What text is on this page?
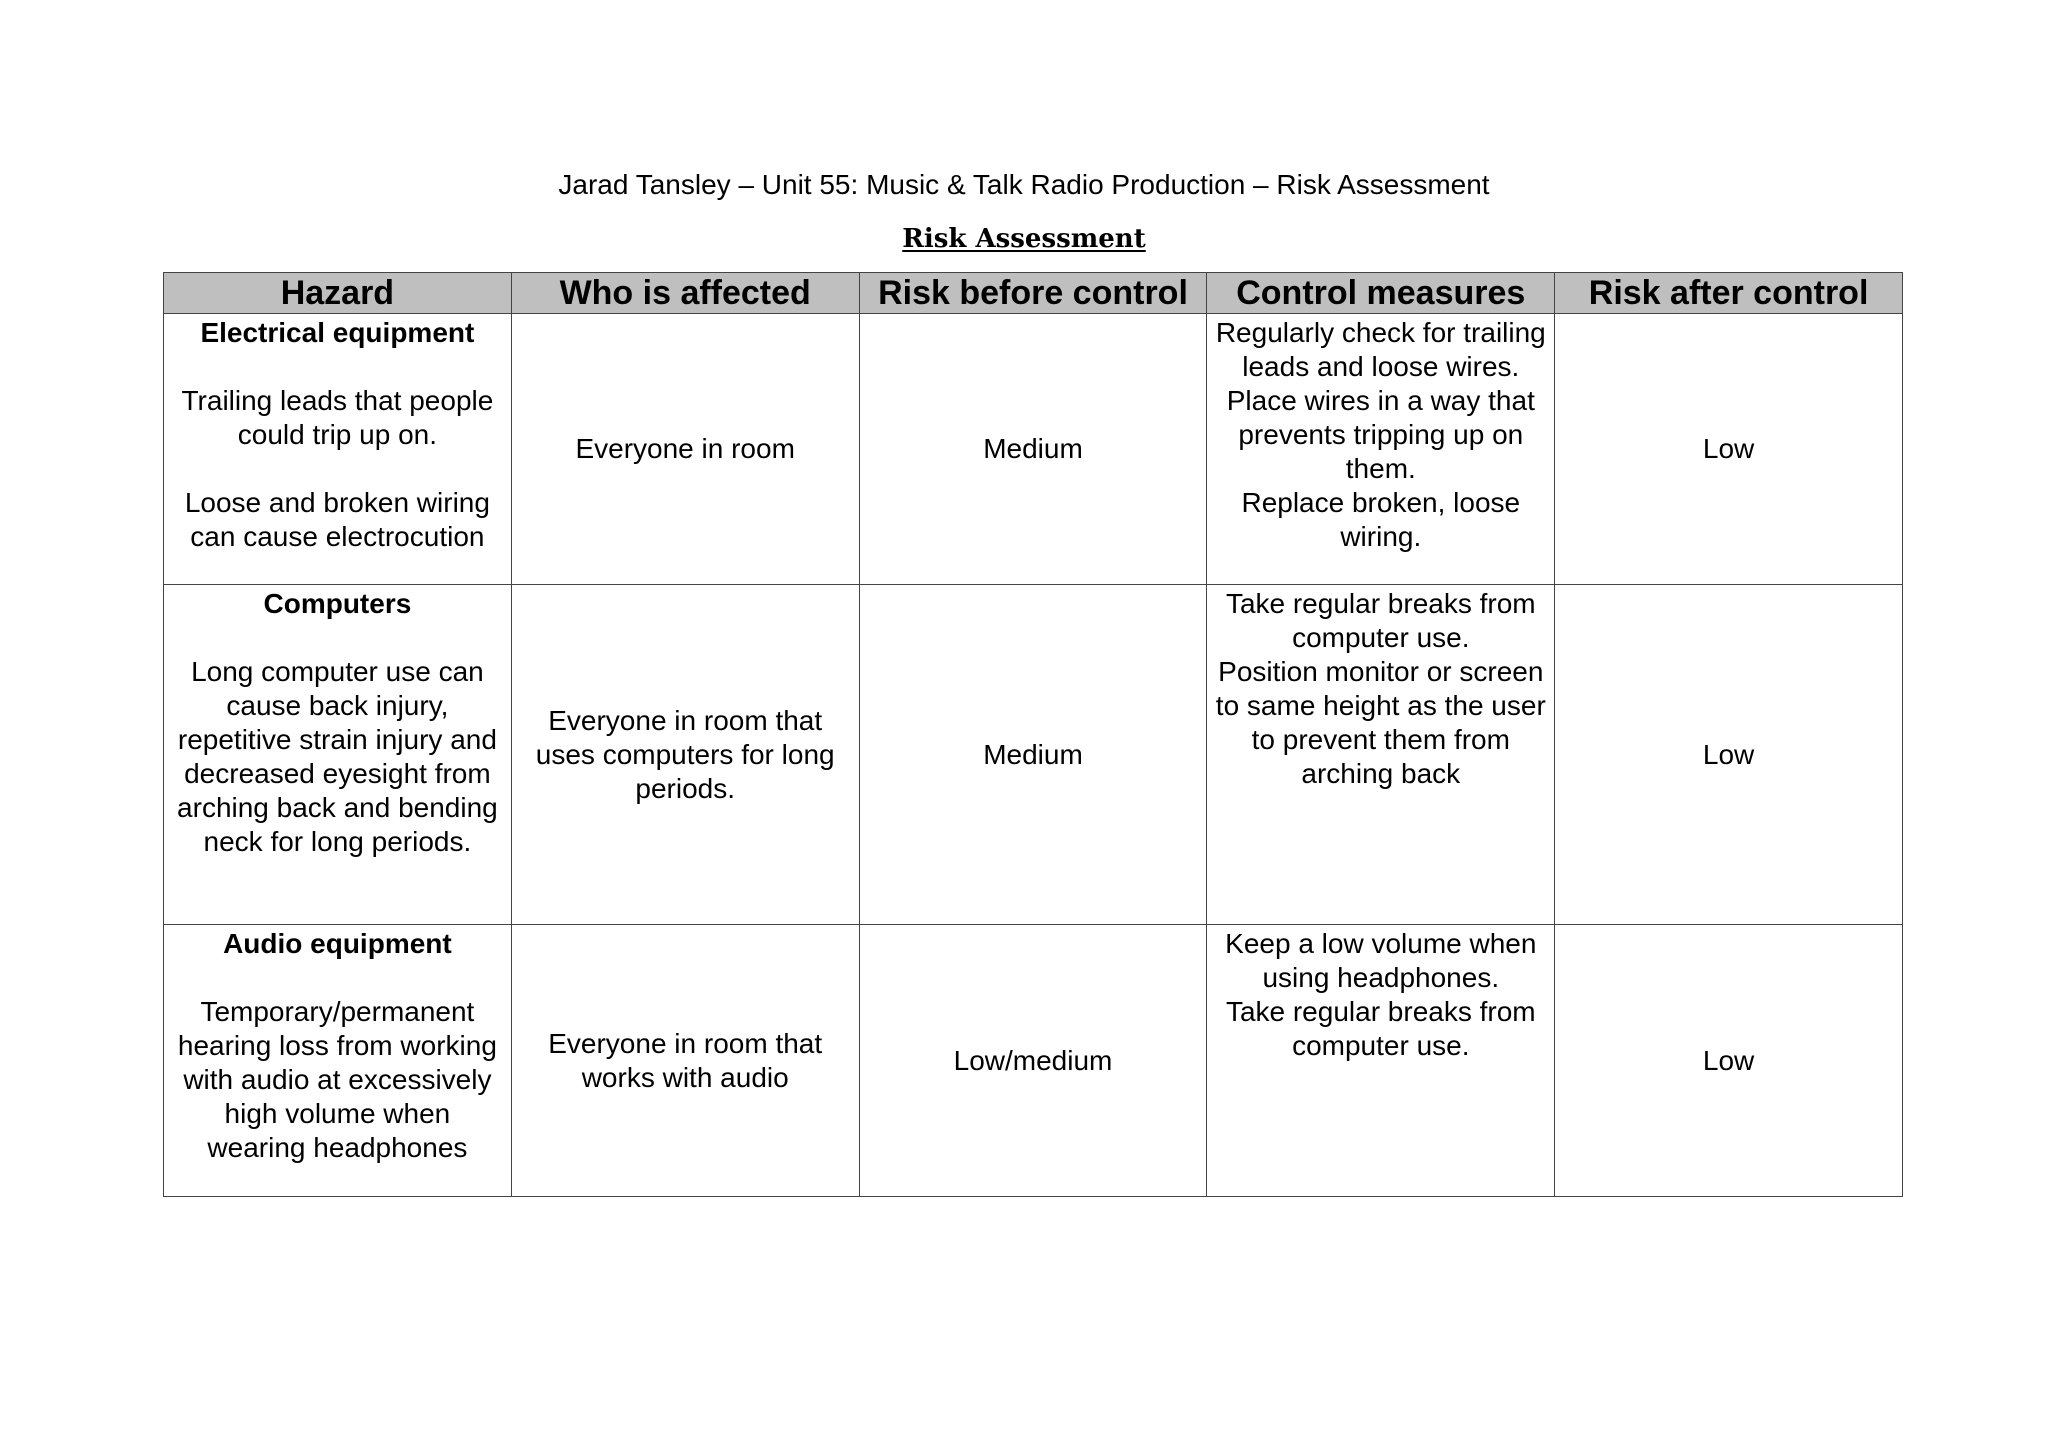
Jarad Tansley – Unit 55: Music & Talk Radio Production – Risk Assessment
Risk Assessment
Hazard	Who is affected	Risk before control	Control measures	Risk after control

Electrical equipment
Trailing leads that people could trip up on.
Loose and broken wiring can cause electrocution	Everyone in room	Medium	Regularly check for trailing leads and loose wires.
Place wires in a way that prevents tripping up on them.
Replace broken, loose wiring.	Low

Computers
Long computer use can cause back injury, repetitive strain injury and decreased eyesight from arching back and bending neck for long periods.	Everyone in room that uses computers for long periods.	Medium	Take regular breaks from computer use.
Position monitor or screen to same height as the user to prevent them from arching back	Low

Audio equipment
Temporary/permanent hearing loss from working with audio at excessively high volume when wearing headphones	Everyone in room that works with audio	Low/medium	Keep a low volume when using headphones.
Take regular breaks from computer use.	Low
